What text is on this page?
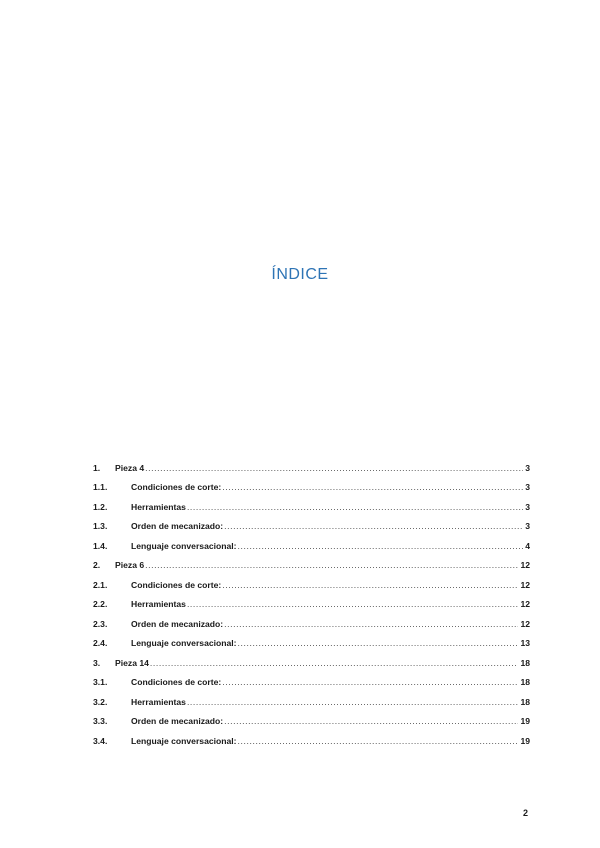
ÍNDICE
1. Pieza 4 .....	3
1.1.	Condiciones de corte: .....	3
1.2.	Herramientas .....	3
1.3.	Orden de mecanizado: .....	3
1.4.	Lenguaje conversacional: .....	4
2. Pieza 6 .....	12
2.1.	Condiciones de corte: .....	12
2.2.	Herramientas .....	12
2.3.	Orden de mecanizado: .....	12
2.4.	Lenguaje conversacional: .....	13
3. Pieza 14 .....	18
3.1.	Condiciones de corte: .....	18
3.2.	Herramientas .....	18
3.3.	Orden de mecanizado: .....	19
3.4.	Lenguaje conversacional: .....	19
2
